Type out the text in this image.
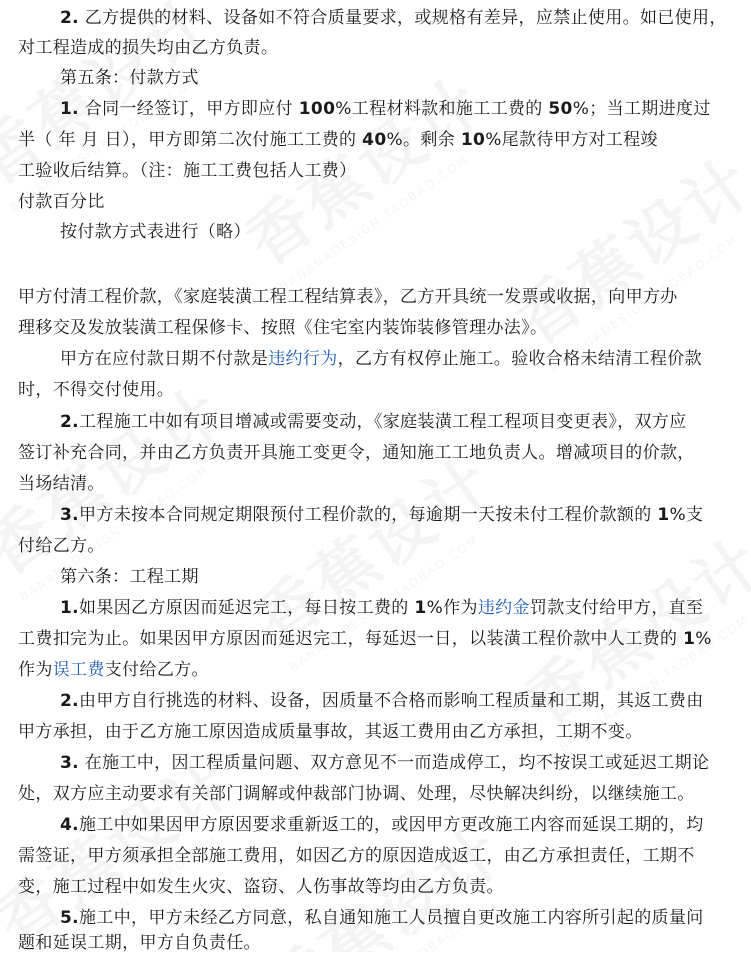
2. 乙方提供的材料、设备如不符合质量要求，或规格有差异，应禁止使用。如已使用，
对工程造成的损失均由乙方负责。
第五条：付款方式
1. 合同一经签订，甲方即应付 100%工程材料款和施工工费的 50%；当工期进度过
半（ 年 月 日），甲方即第二次付施工工费的 40%。剩余 10%尾款待甲方对工程竣
工验收后结算。（注：施工工费包括人工费）
付款百分比
按付款方式表进行（略）
甲方付清工程价款，《家庭装潢工程工程结算表》，乙方开具统一发票或收据，向甲方办
理移交及发放装潢工程保修卡、按照《住宅室内装饰装修管理办法》。
甲方在应付款日期不付款是违约行为，乙方有权停止施工。验收合格未结清工程价款
时，不得交付使用。
2.工程施工中如有项目增减或需要变动，《家庭装潢工程工程项目变更表》，双方应
签订补充合同，并由乙方负责开具施工变更令，通知施工工地负责人。增减项目的价款，
当场结清。
3.甲方未按本合同规定期限预付工程价款的，每逾期一天按未付工程价款额的 1%支
付给乙方。
第六条：工程工期
1.如果因乙方原因而延迟完工，每日按工费的 1%作为违约金罚款支付给甲方，直至
工费扣完为止。如果因甲方原因而延迟完工，每延迟一日，以装潢工程价款中人工费的 1%
作为误工费支付给乙方。
2.由甲方自行挑选的材料、设备，因质量不合格而影响工程质量和工期，其返工费由
甲方承担，由于乙方施工原因造成质量事故，其返工费用由乙方承担，工期不变。
3. 在施工中，因工程质量问题、双方意见不一而造成停工，均不按误工或延迟工期论
处，双方应主动要求有关部门调解或仲裁部门协调、处理，尽快解决纠纷，以继续施工。
4.施工中如果因甲方原因要求重新返工的，或因甲方更改施工内容而延误工期的，均
需签证，甲方须承担全部施工费用，如因乙方的原因造成返工，由乙方承担责任，工期不
变，施工过程中如发生火灾、盗窃、人伤事故等均由乙方负责。
5.施工中，甲方未经乙方同意，私自通知施工人员擅自更改施工内容所引起的质量问
题和延误工期，甲方自负责任。
